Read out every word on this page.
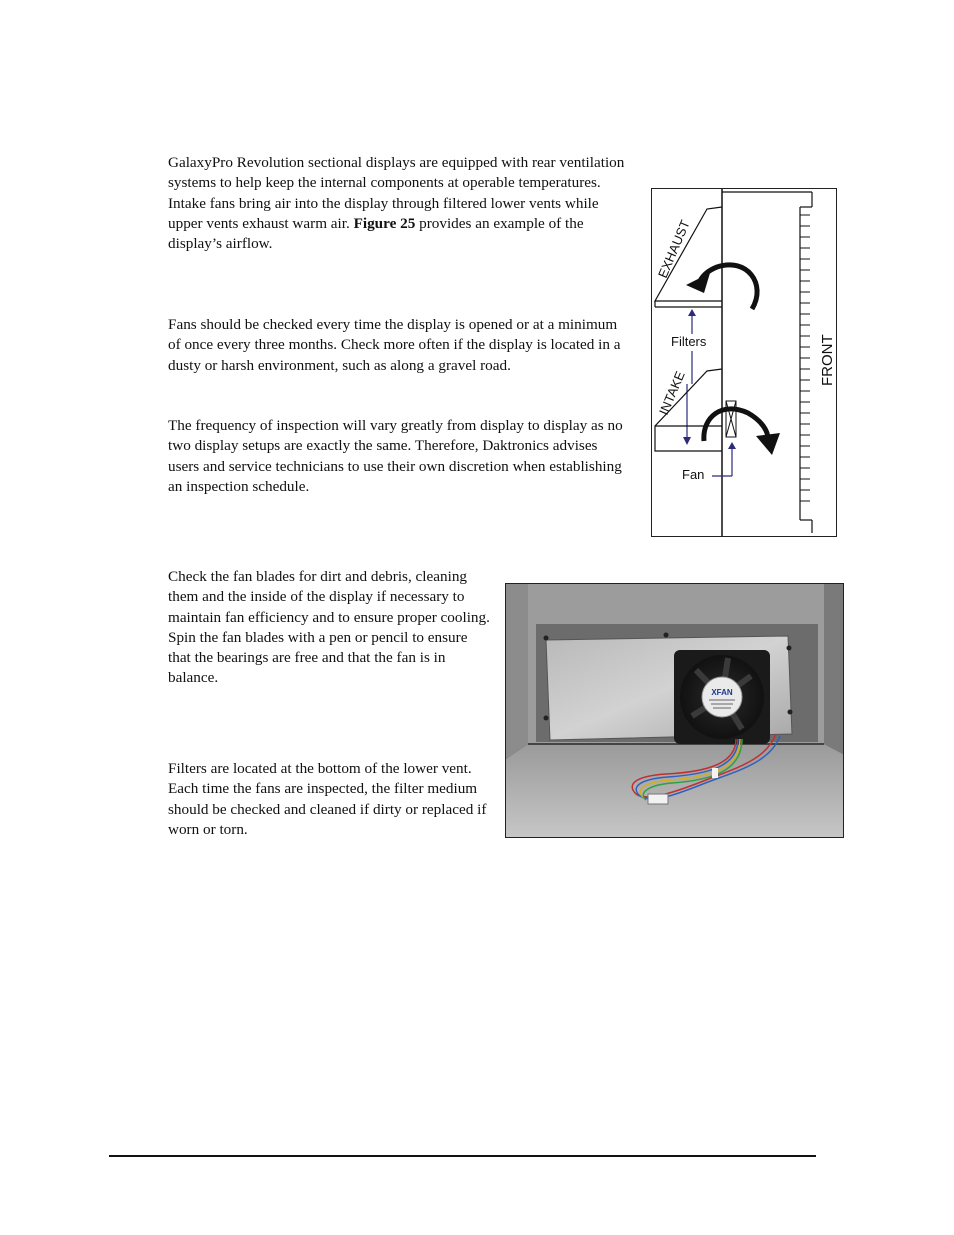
GalaxyPro Revolution sectional displays are equipped with rear ventilation systems to help keep the internal components at operable temperatures. Intake fans bring air into the display through filtered lower vents while upper vents exhaust warm air. Figure 25 provides an example of the display’s airflow.

Fans should be checked every time the display is opened or at a minimum of once every three months. Check more often if the display is located in a dusty or harsh environment, such as along a gravel road.

The frequency of inspection will vary greatly from display to display as no two display setups are exactly the same. Therefore, Daktronics advises users and service technicians to use their own discretion when establishing an inspection schedule.

Check the fan blades for dirt and debris, cleaning them and the inside of the display if necessary to maintain fan efficiency and to ensure proper cooling. Spin the fan blades with a pen or pencil to ensure that the bearings are free and that the fan is in balance.

Filters are located at the bottom of the lower vent. Each time the fans are inspected, the filter medium should be checked and cleaned if dirty or replaced if worn or torn.

EXHAUST
Filters
INTAKE
Fan
FRONT
XFAN
